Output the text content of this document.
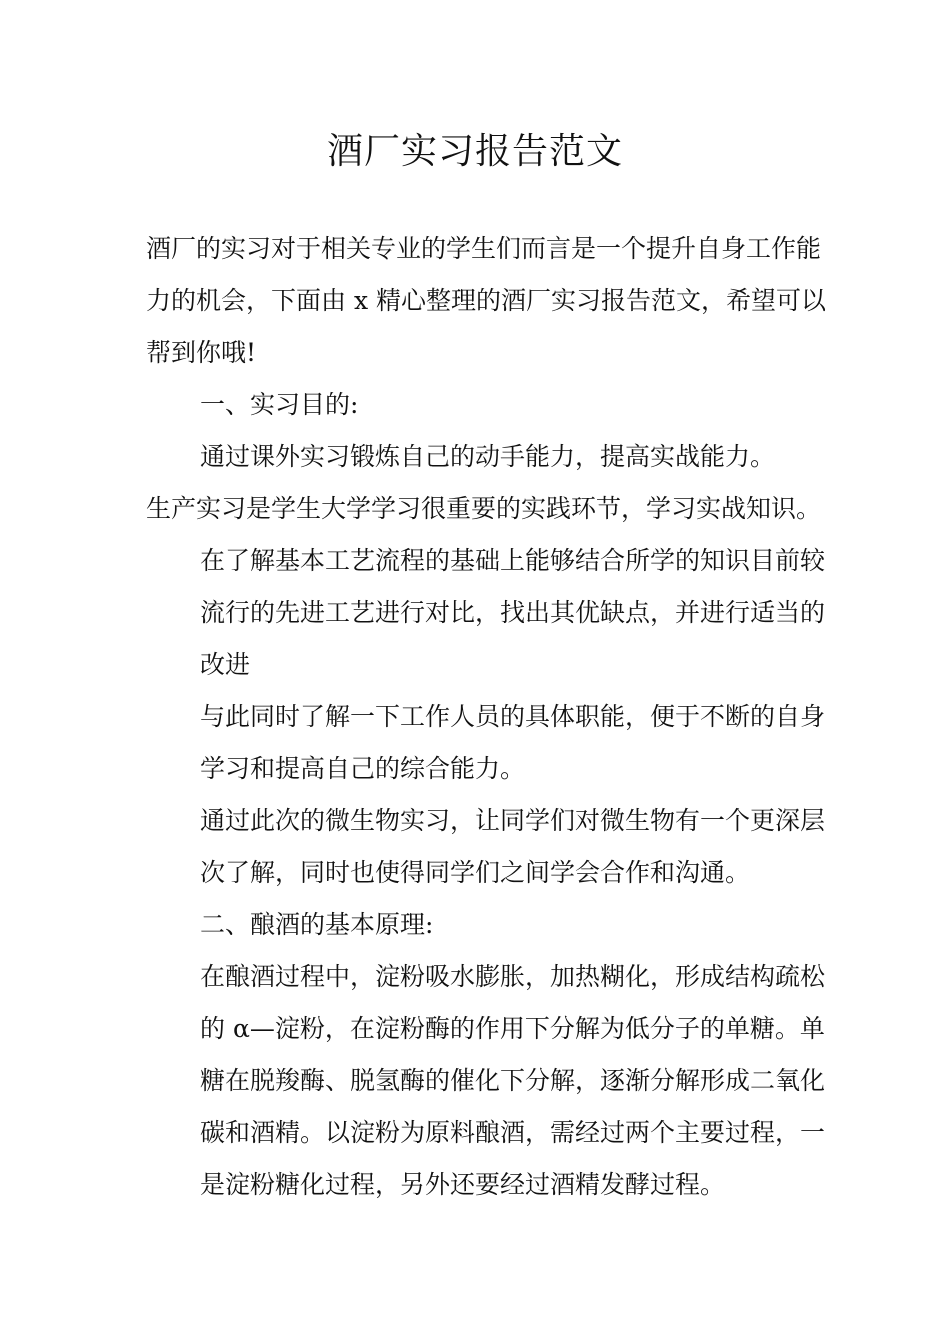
酒厂实习报告范文

酒厂的实习对于相关专业的学生们而言是一个提升自身工作能力的机会，下面由 x 精心整理的酒厂实习报告范文，希望可以帮到你哦!

一、实习目的:

通过课外实习锻炼自己的动手能力，提高实战能力。

生产实习是学生大学学习很重要的实践环节，学习实战知识。

在了解基本工艺流程的基础上能够结合所学的知识目前较流行的先进工艺进行对比，找出其优缺点，并进行适当的改进

与此同时了解一下工作人员的具体职能，便于不断的自身学习和提高自己的综合能力。

通过此次的微生物实习，让同学们对微生物有一个更深层次了解，同时也使得同学们之间学会合作和沟通。

二、酿酒的基本原理:

在酿酒过程中，淀粉吸水膨胀，加热糊化，形成结构疏松的 α—淀粉，在淀粉酶的作用下分解为低分子的单糖。单糖在脱羧酶、脱氢酶的催化下分解，逐渐分解形成二氧化碳和酒精。以淀粉为原料酿酒，需经过两个主要过程，一是淀粉糖化过程，另外还要经过酒精发酵过程。
